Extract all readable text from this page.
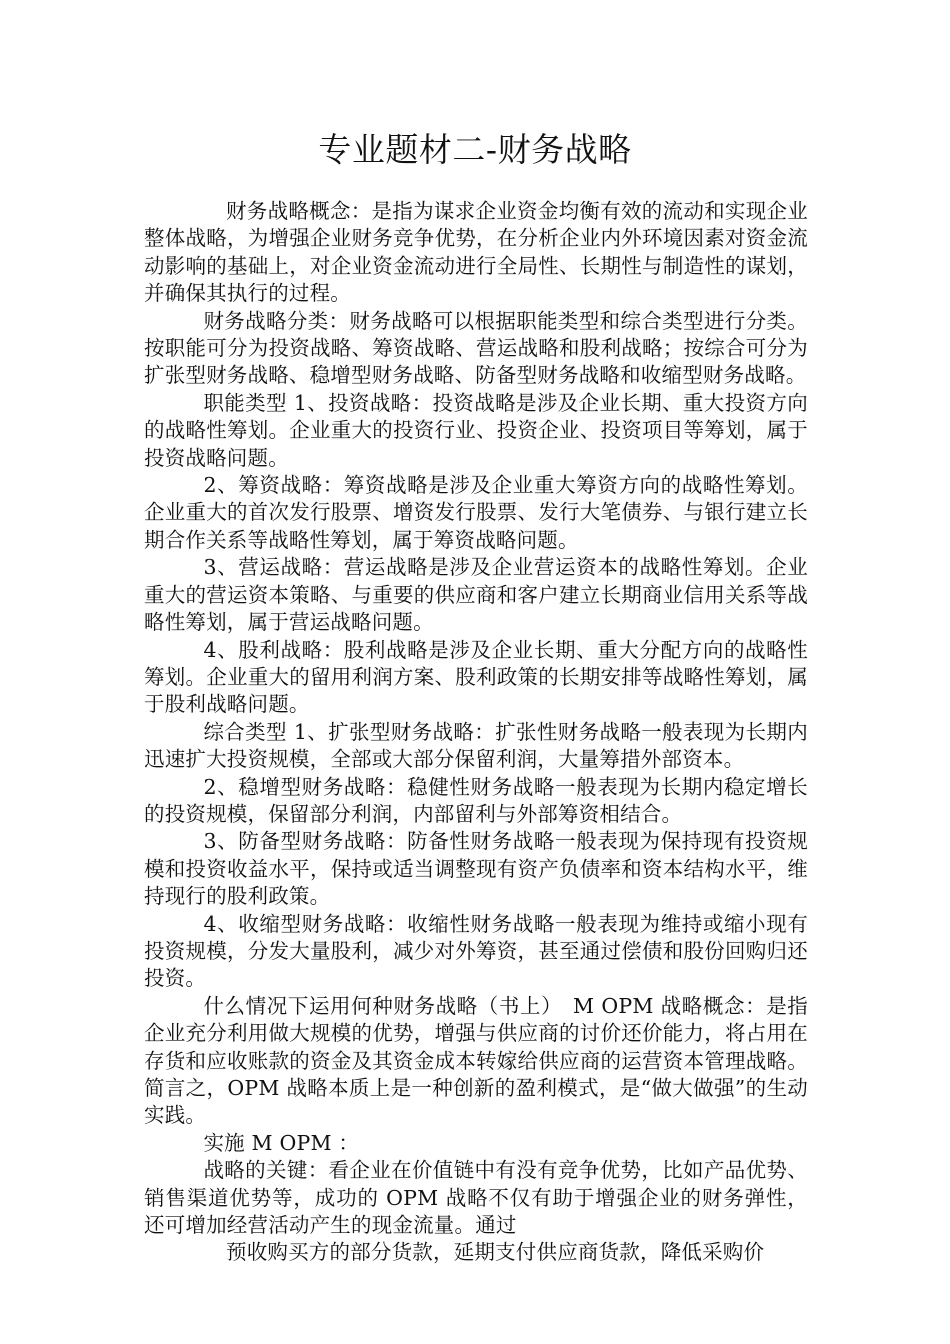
专业题材二-财务战略

财务战略概念：是指为谋求企业资金均衡有效的流动和实现企业整体战略，为增强企业财务竞争优势，在分析企业内外环境因素对资金流动影响的基础上，对企业资金流动进行全局性、长期性与制造性的谋划，并确保其执行的过程。

财务战略分类：财务战略可以根据职能类型和综合类型进行分类。按职能可分为投资战略、筹资战略、营运战略和股利战略；按综合可分为扩张型财务战略、稳增型财务战略、防备型财务战略和收缩型财务战略。

职能类型 1、投资战略：投资战略是涉及企业长期、重大投资方向的战略性筹划。企业重大的投资行业、投资企业、投资项目等筹划，属于投资战略问题。

2、筹资战略：筹资战略是涉及企业重大筹资方向的战略性筹划。企业重大的首次发行股票、增资发行股票、发行大笔债券、与银行建立长期合作关系等战略性筹划，属于筹资战略问题。

3、营运战略：营运战略是涉及企业营运资本的战略性筹划。企业重大的营运资本策略、与重要的供应商和客户建立长期商业信用关系等战略性筹划，属于营运战略问题。

4、股利战略：股利战略是涉及企业长期、重大分配方向的战略性筹划。企业重大的留用利润方案、股利政策的长期安排等战略性筹划，属于股利战略问题。

综合类型 1、扩张型财务战略：扩张性财务战略一般表现为长期内迅速扩大投资规模，全部或大部分保留利润，大量筹措外部资本。

2、稳增型财务战略：稳健性财务战略一般表现为长期内稳定增长的投资规模，保留部分利润，内部留利与外部筹资相结合。

3、防备型财务战略：防备性财务战略一般表现为保持现有投资规模和投资收益水平，保持或适当调整现有资产负债率和资本结构水平，维持现行的股利政策。

4、收缩型财务战略：收缩性财务战略一般表现为维持或缩小现有投资规模，分发大量股利，减少对外筹资，甚至通过偿债和股份回购归还投资。

什么情况下运用何种财务战略（书上）　M OPM 战略概念：是指企业充分利用做大规模的优势，增强与供应商的讨价还价能力，将占用在存货和应收账款的资金及其资金成本转嫁给供应商的运营资本管理战略。简言之，OPM 战略本质上是一种创新的盈利模式，是“做大做强”的生动实践。

实施 M OPM ：

战略的关键：看企业在价值链中有没有竞争优势，比如产品优势、销售渠道优势等，成功的 OPM 战略不仅有助于增强企业的财务弹性，还可增加经营活动产生的现金流量。通过

预收购买方的部分货款，延期支付供应商货款，降低采购价
